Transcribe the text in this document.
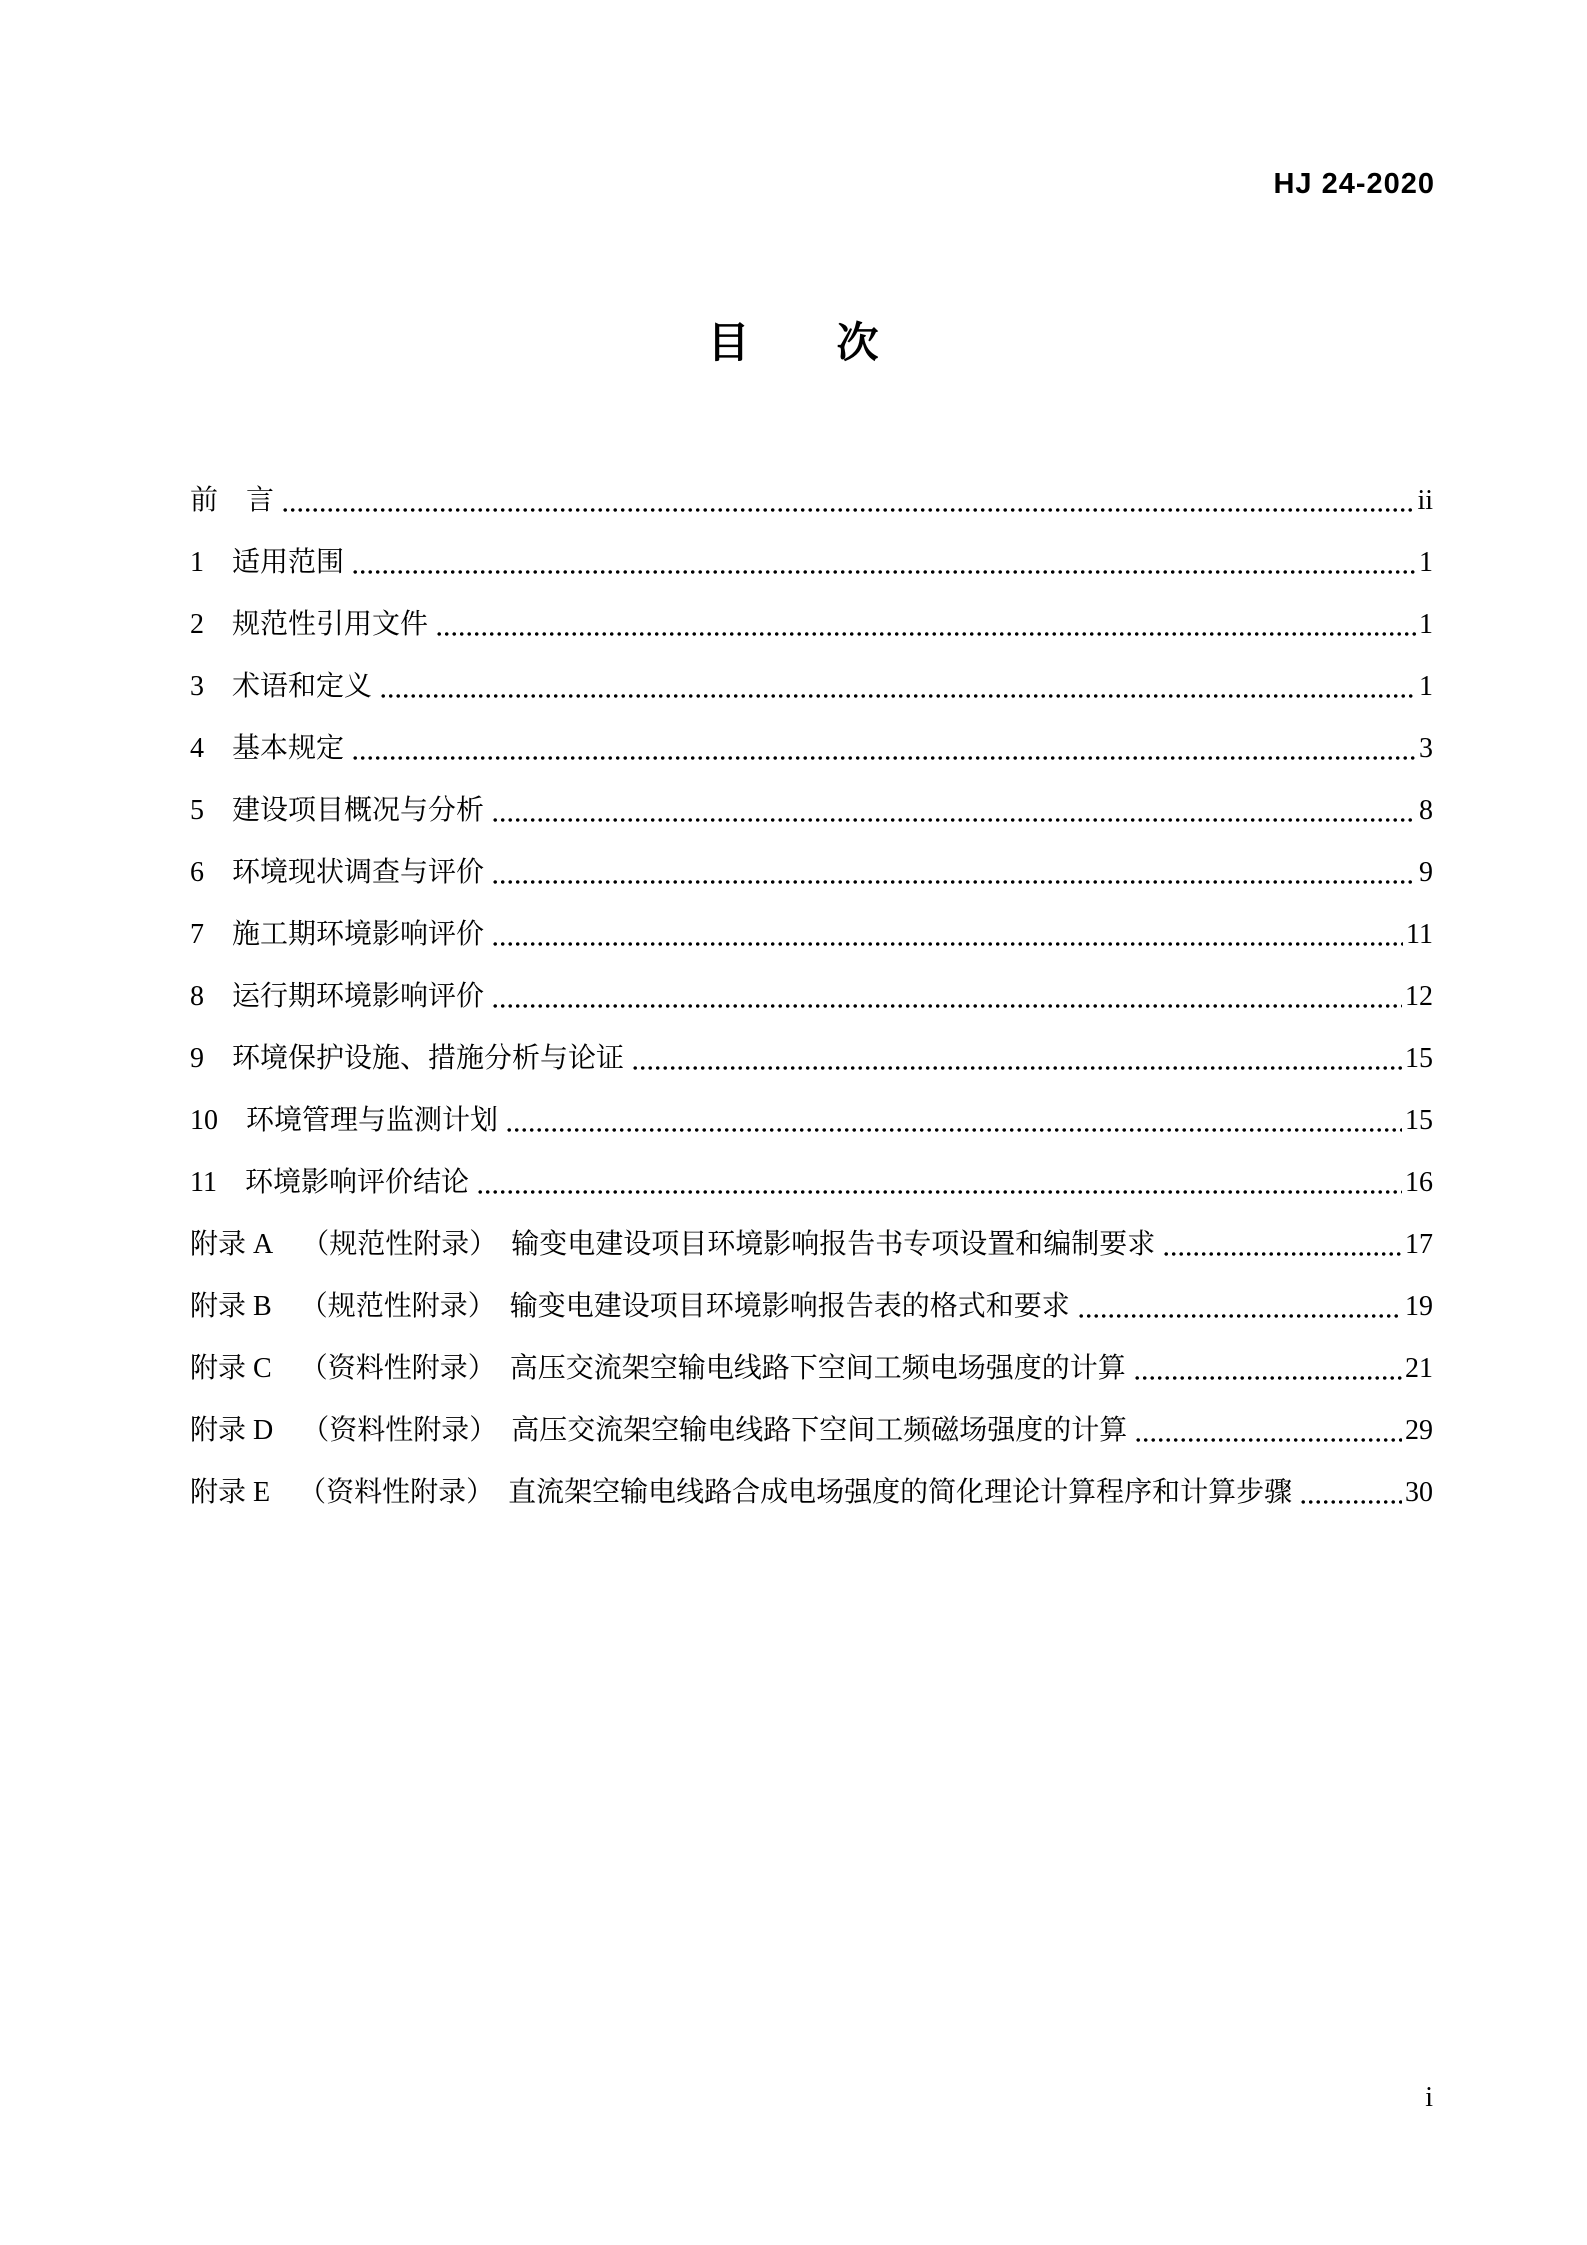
HJ 24-2020
目　　次
前 言	ii
1 适用范围	1
2 规范性引用文件	1
3 术语和定义	1
4 基本规定	3
5 建设项目概况与分析	8
6 环境现状调查与评价	9
7 施工期环境影响评价	11
8 运行期环境影响评价	12
9 环境保护设施、措施分析与论证	15
10 环境管理与监测计划	15
11 环境影响评价结论	16
附录 A （规范性附录）　输变电建设项目环境影响报告书专项设置和编制要求	17
附录 B （规范性附录）　输变电建设项目环境影响报告表的格式和要求	19
附录 C （资料性附录）　高压交流架空输电线路下空间工频电场强度的计算	21
附录 D （资料性附录）　高压交流架空输电线路下空间工频磁场强度的计算	29
附录 E （资料性附录）　直流架空输电线路合成电场强度的简化理论计算程序和计算步骤	30
i
